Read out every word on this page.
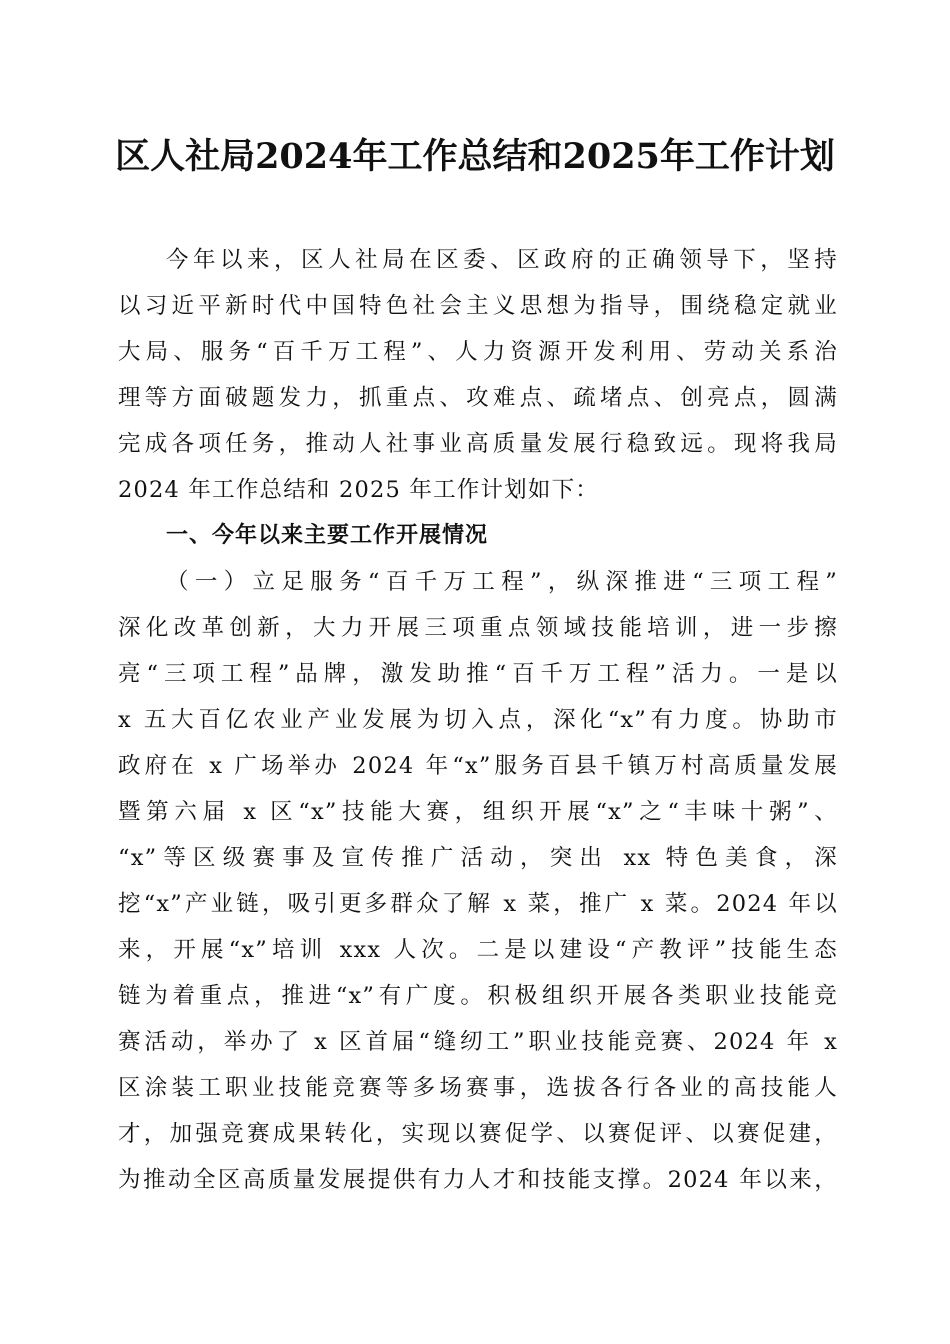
区人社局2024年工作总结和2025年工作计划
今年以来，区人社局在区委、区政府的正确领导下，坚持
以习近平新时代中国特色社会主义思想为指导，围绕稳定就业
大局、服务“百千万工程”、人力资源开发利用、劳动关系治
理等方面破题发力，抓重点、攻难点、疏堵点、创亮点，圆满
完成各项任务，推动人社事业高质量发展行稳致远。现将我局
2024 年工作总结和 2025 年工作计划如下：
一、今年以来主要工作开展情况
（一）立足服务“百千万工程”，纵深推进“三项工程”
深化改革创新，大力开展三项重点领域技能培训，进一步擦
亮“三项工程”品牌，激发助推“百千万工程”活力。一是以
x 五大百亿农业产业发展为切入点，深化“x”有力度。协助市
政府在 x 广场举办 2024 年“x”服务百县千镇万村高质量发展
暨第六届 x 区“x”技能大赛，组织开展“x”之“丰味十粥”、
“x”等区级赛事及宣传推广活动，突出 xx 特色美食，深
挖“x”产业链，吸引更多群众了解 x 菜，推广 x 菜。2024 年以
来，开展“x”培训 xxx 人次。二是以建设“产教评”技能生态
链为着重点，推进“x”有广度。积极组织开展各类职业技能竞
赛活动，举办了 x 区首届“缝纫工”职业技能竞赛、2024 年 x
区涂装工职业技能竞赛等多场赛事，选拔各行各业的高技能人
才，加强竞赛成果转化，实现以赛促学、以赛促评、以赛促建，
为推动全区高质量发展提供有力人才和技能支撑。2024 年以来，
